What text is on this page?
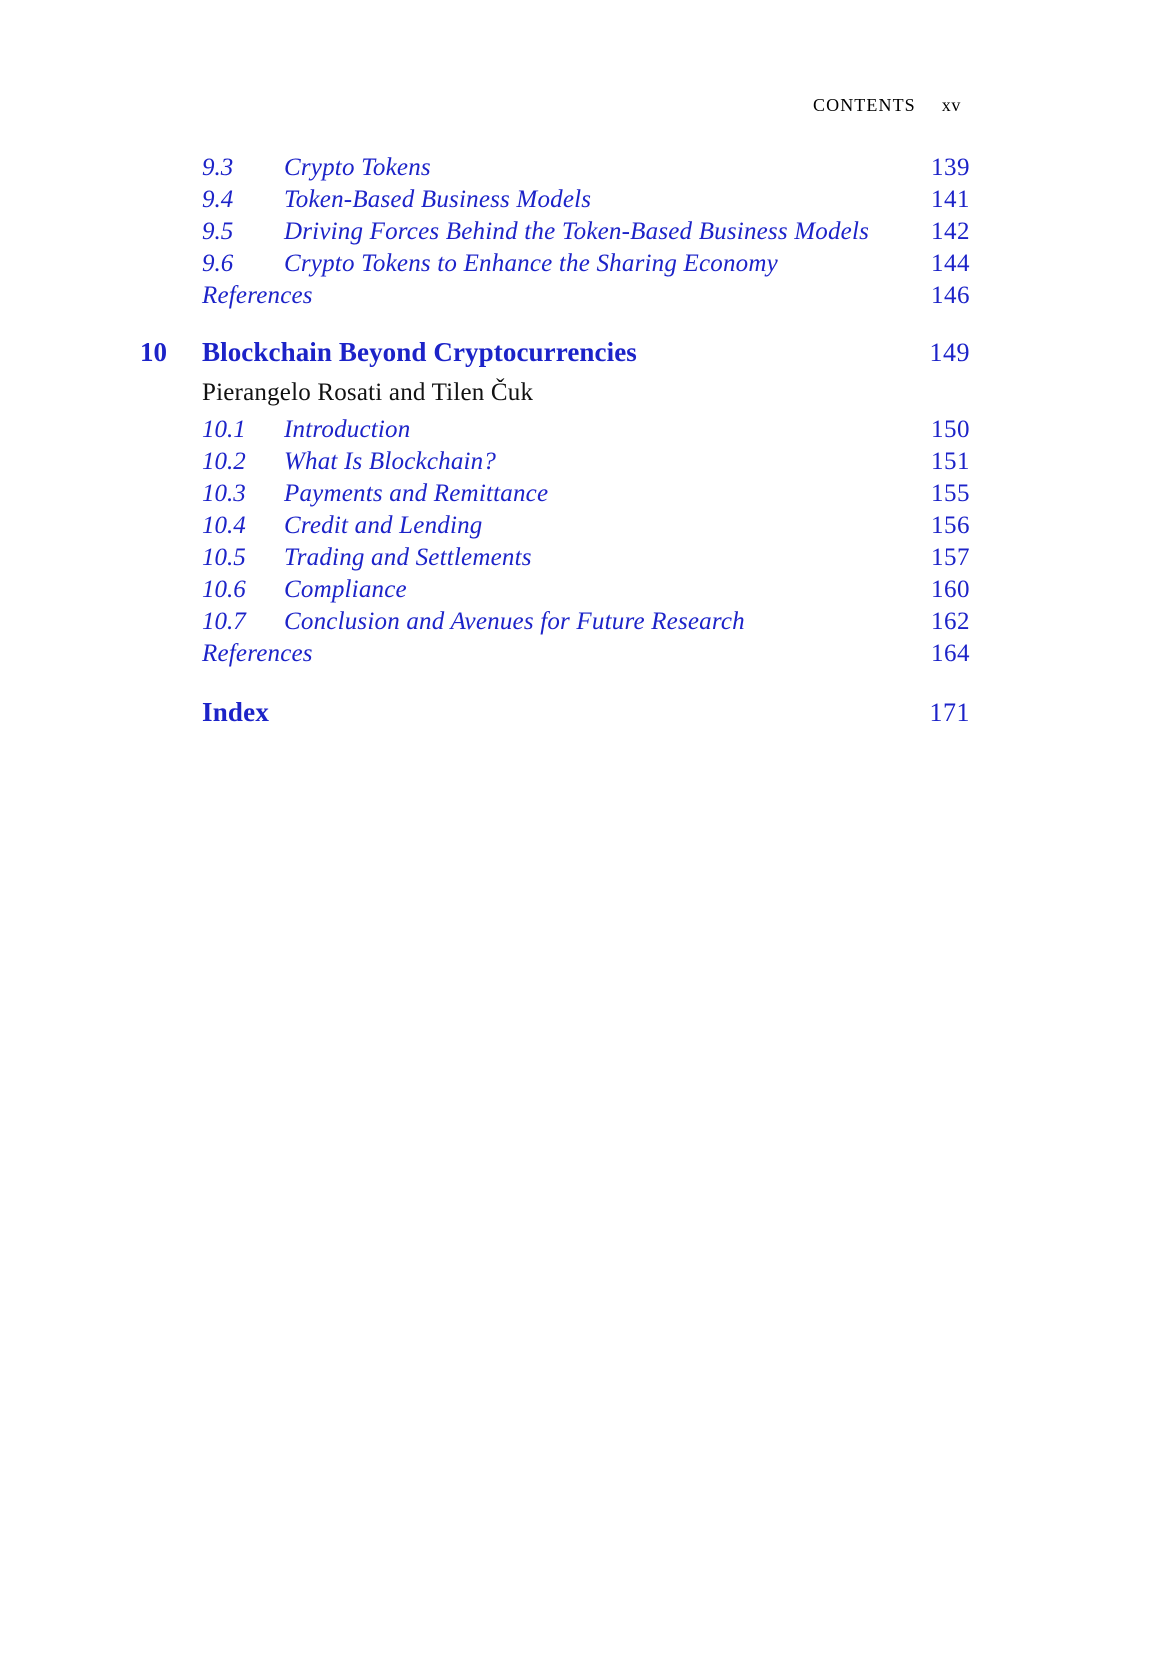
CONTENTS xv
9.3	Crypto Tokens	139
9.4	Token-Based Business Models	141
9.5	Driving Forces Behind the Token-Based Business Models	142
9.6	Crypto Tokens to Enhance the Sharing Economy	144
References	146
10	Blockchain Beyond Cryptocurrencies	149
Pierangelo Rosati and Tilen Čuk
10.1	Introduction	150
10.2	What Is Blockchain?	151
10.3	Payments and Remittance	155
10.4	Credit and Lending	156
10.5	Trading and Settlements	157
10.6	Compliance	160
10.7	Conclusion and Avenues for Future Research	162
References	164
Index	171
